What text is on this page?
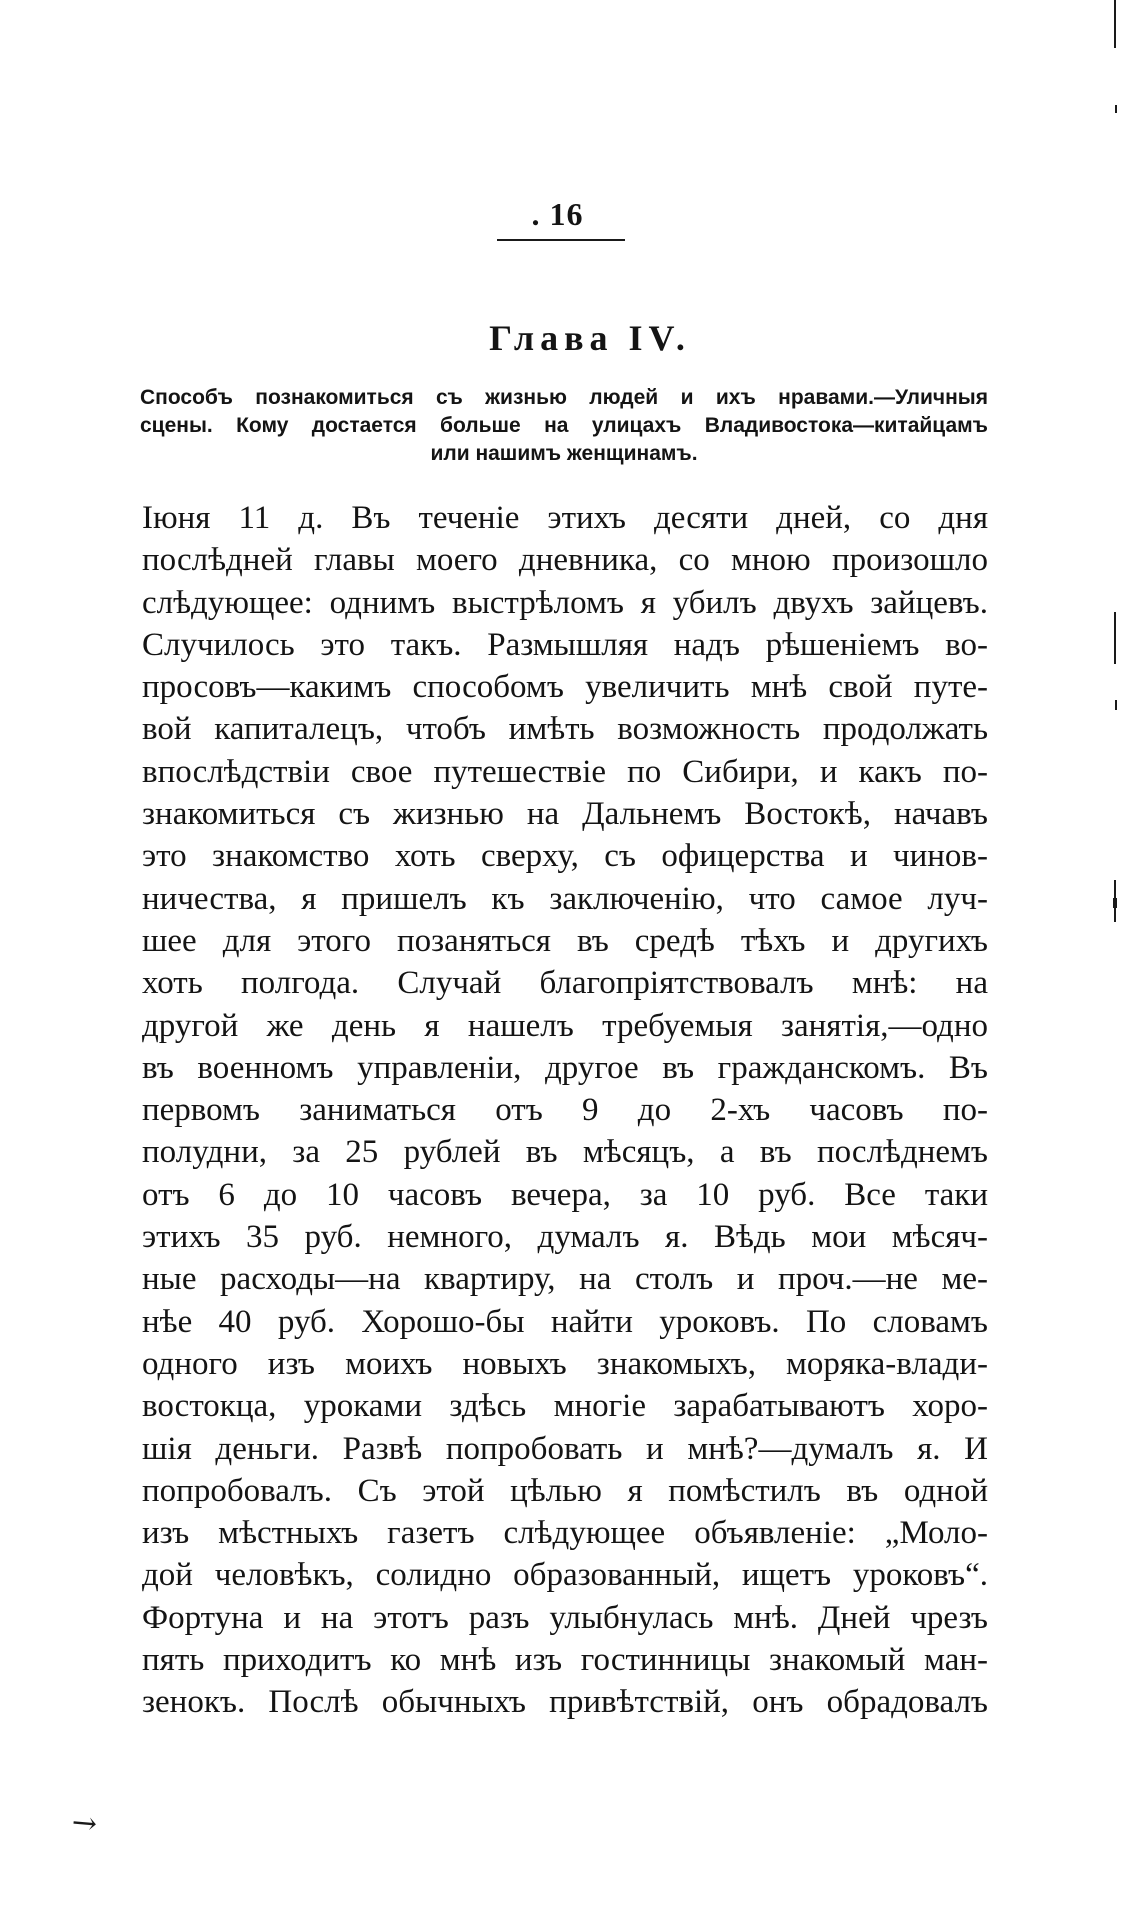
. 16
Глава IV.
Способъ познакомиться съ жизнью людей и ихъ нравами.—Уличныя
сцены. Кому достается больше на улицахъ Владивостока—китайцамъ
или нашимъ женщинамъ.
Іюня 11 д. Въ теченіе этихъ десяти дней, со дня
послѣдней главы моего дневника, со мною произошло
слѣдующее: однимъ выстрѣломъ я убилъ двухъ зайцевъ.
Случилось это такъ. Размышляя надъ рѣшеніемъ во-
просовъ—какимъ способомъ увеличить мнѣ свой путе-
вой капиталецъ, чтобъ имѣть возможность продолжать
впослѣдствіи свое путешествіе по Сибири, и какъ по-
знакомиться съ жизнью на Дальнемъ Востокѣ, начавъ
это знакомство хоть сверху, съ офицерства и чинов-
ничества, я пришелъ къ заключенію, что самое луч-
шее для этого позаняться въ средѣ тѣхъ и другихъ
хоть полгода. Случай благопріятствовалъ мнѣ: на
другой же день я нашелъ требуемыя занятія,—одно
въ военномъ управленіи, другое въ гражданскомъ. Въ
первомъ заниматься отъ 9 до 2-хъ часовъ по-
полудни, за 25 рублей въ мѣсяцъ, а въ послѣднемъ
отъ 6 до 10 часовъ вечера, за 10 руб. Все таки
этихъ 35 руб. немного, думалъ я. Вѣдь мои мѣсяч-
ные расходы—на квартиру, на столъ и проч.—не ме-
нѣе 40 руб. Хорошо-бы найти уроковъ. По словамъ
одного изъ моихъ новыхъ знакомыхъ, моряка-влади-
востокца, уроками здѣсь многіе зарабатываютъ хоро-
шія деньги. Развѣ попробовать и мнѣ?—думалъ я. И
попробовалъ. Съ этой цѣлью я помѣстилъ въ одной
изъ мѣстныхъ газетъ слѣдующее объявленіе: „Моло-
дой человѣкъ, солидно образованный, ищетъ уроковъ“.
Фортуна и на этотъ разъ улыбнулась мнѣ. Дней чрезъ
пять приходитъ ко мнѣ изъ гостинницы знакомый ман-
зенокъ. Послѣ обычныхъ привѣтствій, онъ обрадовалъ
↘
